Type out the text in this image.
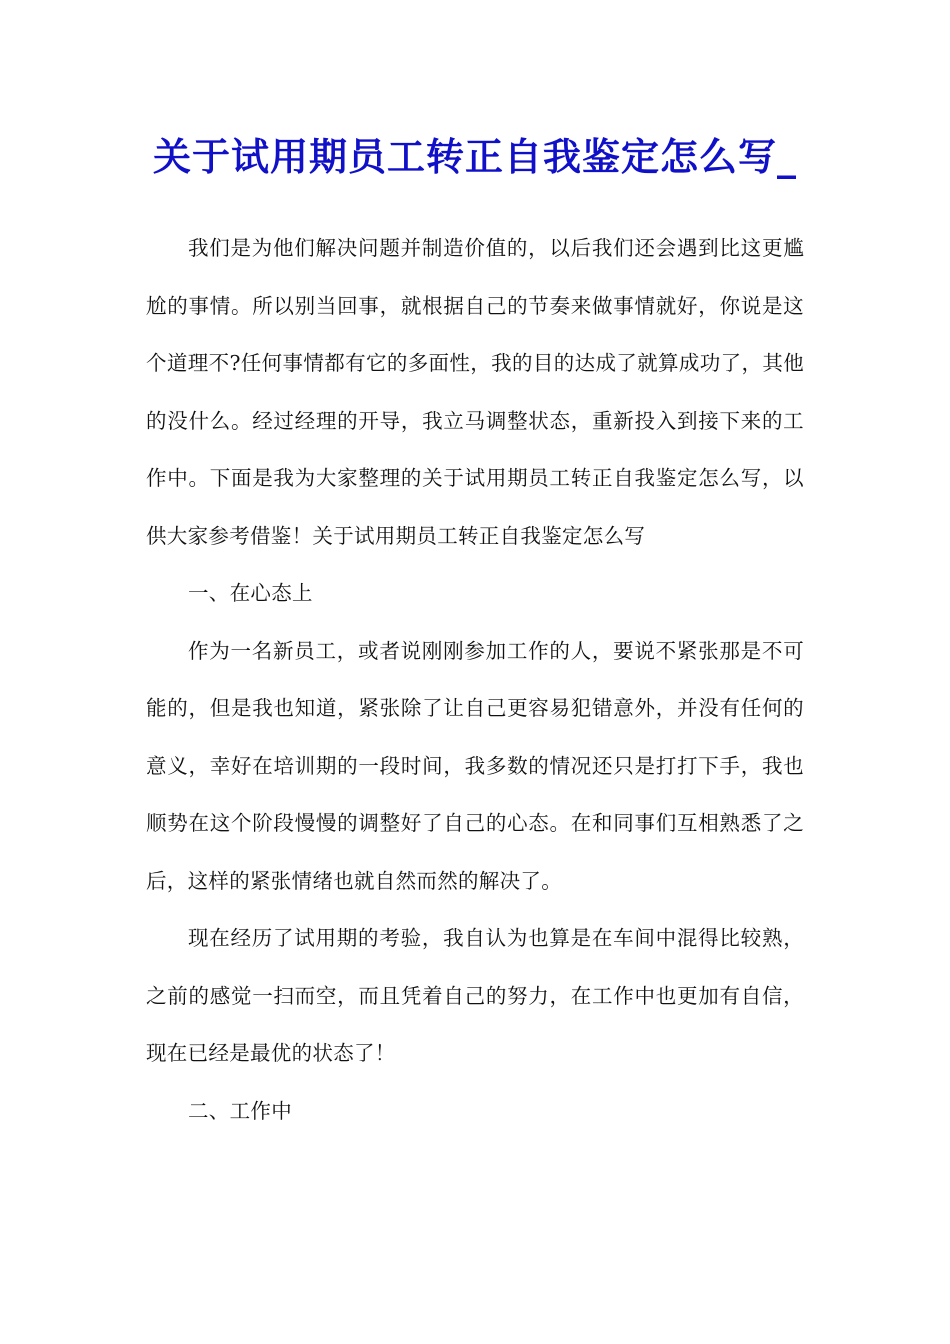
关于试用期员工转正自我鉴定怎么写_

我们是为他们解决问题并制造价值的，以后我们还会遇到比这更尴尬的事情。所以别当回事，就根据自己的节奏来做事情就好，你说是这个道理不?任何事情都有它的多面性，我的目的达成了就算成功了，其他的没什么。经过经理的开导，我立马调整状态，重新投入到接下来的工作中。下面是我为大家整理的关于试用期员工转正自我鉴定怎么写，以供大家参考借鉴！关于试用期员工转正自我鉴定怎么写

一、在心态上

作为一名新员工，或者说刚刚参加工作的人，要说不紧张那是不可能的，但是我也知道，紧张除了让自己更容易犯错意外，并没有任何的意义，幸好在培训期的一段时间，我多数的情况还只是打打下手，我也顺势在这个阶段慢慢的调整好了自己的心态。在和同事们互相熟悉了之后，这样的紧张情绪也就自然而然的解决了。

现在经历了试用期的考验，我自认为也算是在车间中混得比较熟，之前的感觉一扫而空，而且凭着自己的努力，在工作中也更加有自信，现在已经是最优的状态了！

二、工作中
